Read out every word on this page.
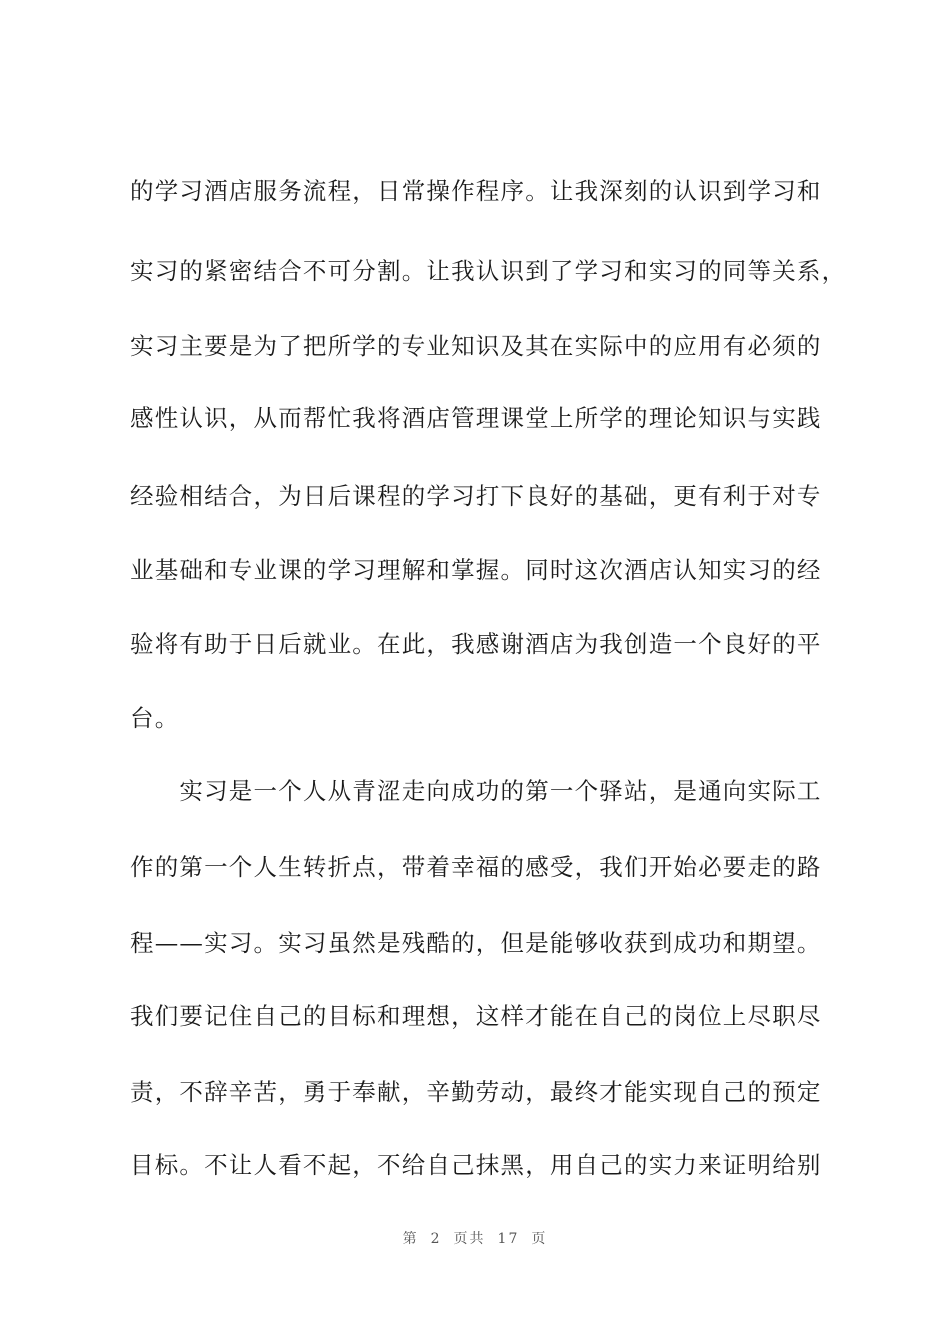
的学习酒店服务流程，日常操作程序。让我深刻的认识到学习和
实习的紧密结合不可分割。让我认识到了学习和实习的同等关系，
实习主要是为了把所学的专业知识及其在实际中的应用有必须的
感性认识，从而帮忙我将酒店管理课堂上所学的理论知识与实践
经验相结合，为日后课程的学习打下良好的基础，更有利于对专
业基础和专业课的学习理解和掌握。同时这次酒店认知实习的经
验将有助于日后就业。在此，我感谢酒店为我创造一个良好的平
台。
　　实习是一个人从青涩走向成功的第一个驿站，是通向实际工
作的第一个人生转折点，带着幸福的感受，我们开始必要走的路
程——实习。实习虽然是残酷的，但是能够收获到成功和期望。
我们要记住自己的目标和理想，这样才能在自己的岗位上尽职尽
责，不辞辛苦，勇于奉献，辛勤劳动，最终才能实现自己的预定
目标。不让人看不起，不给自己抹黑，用自己的实力来证明给别
第 2 页共 17 页
